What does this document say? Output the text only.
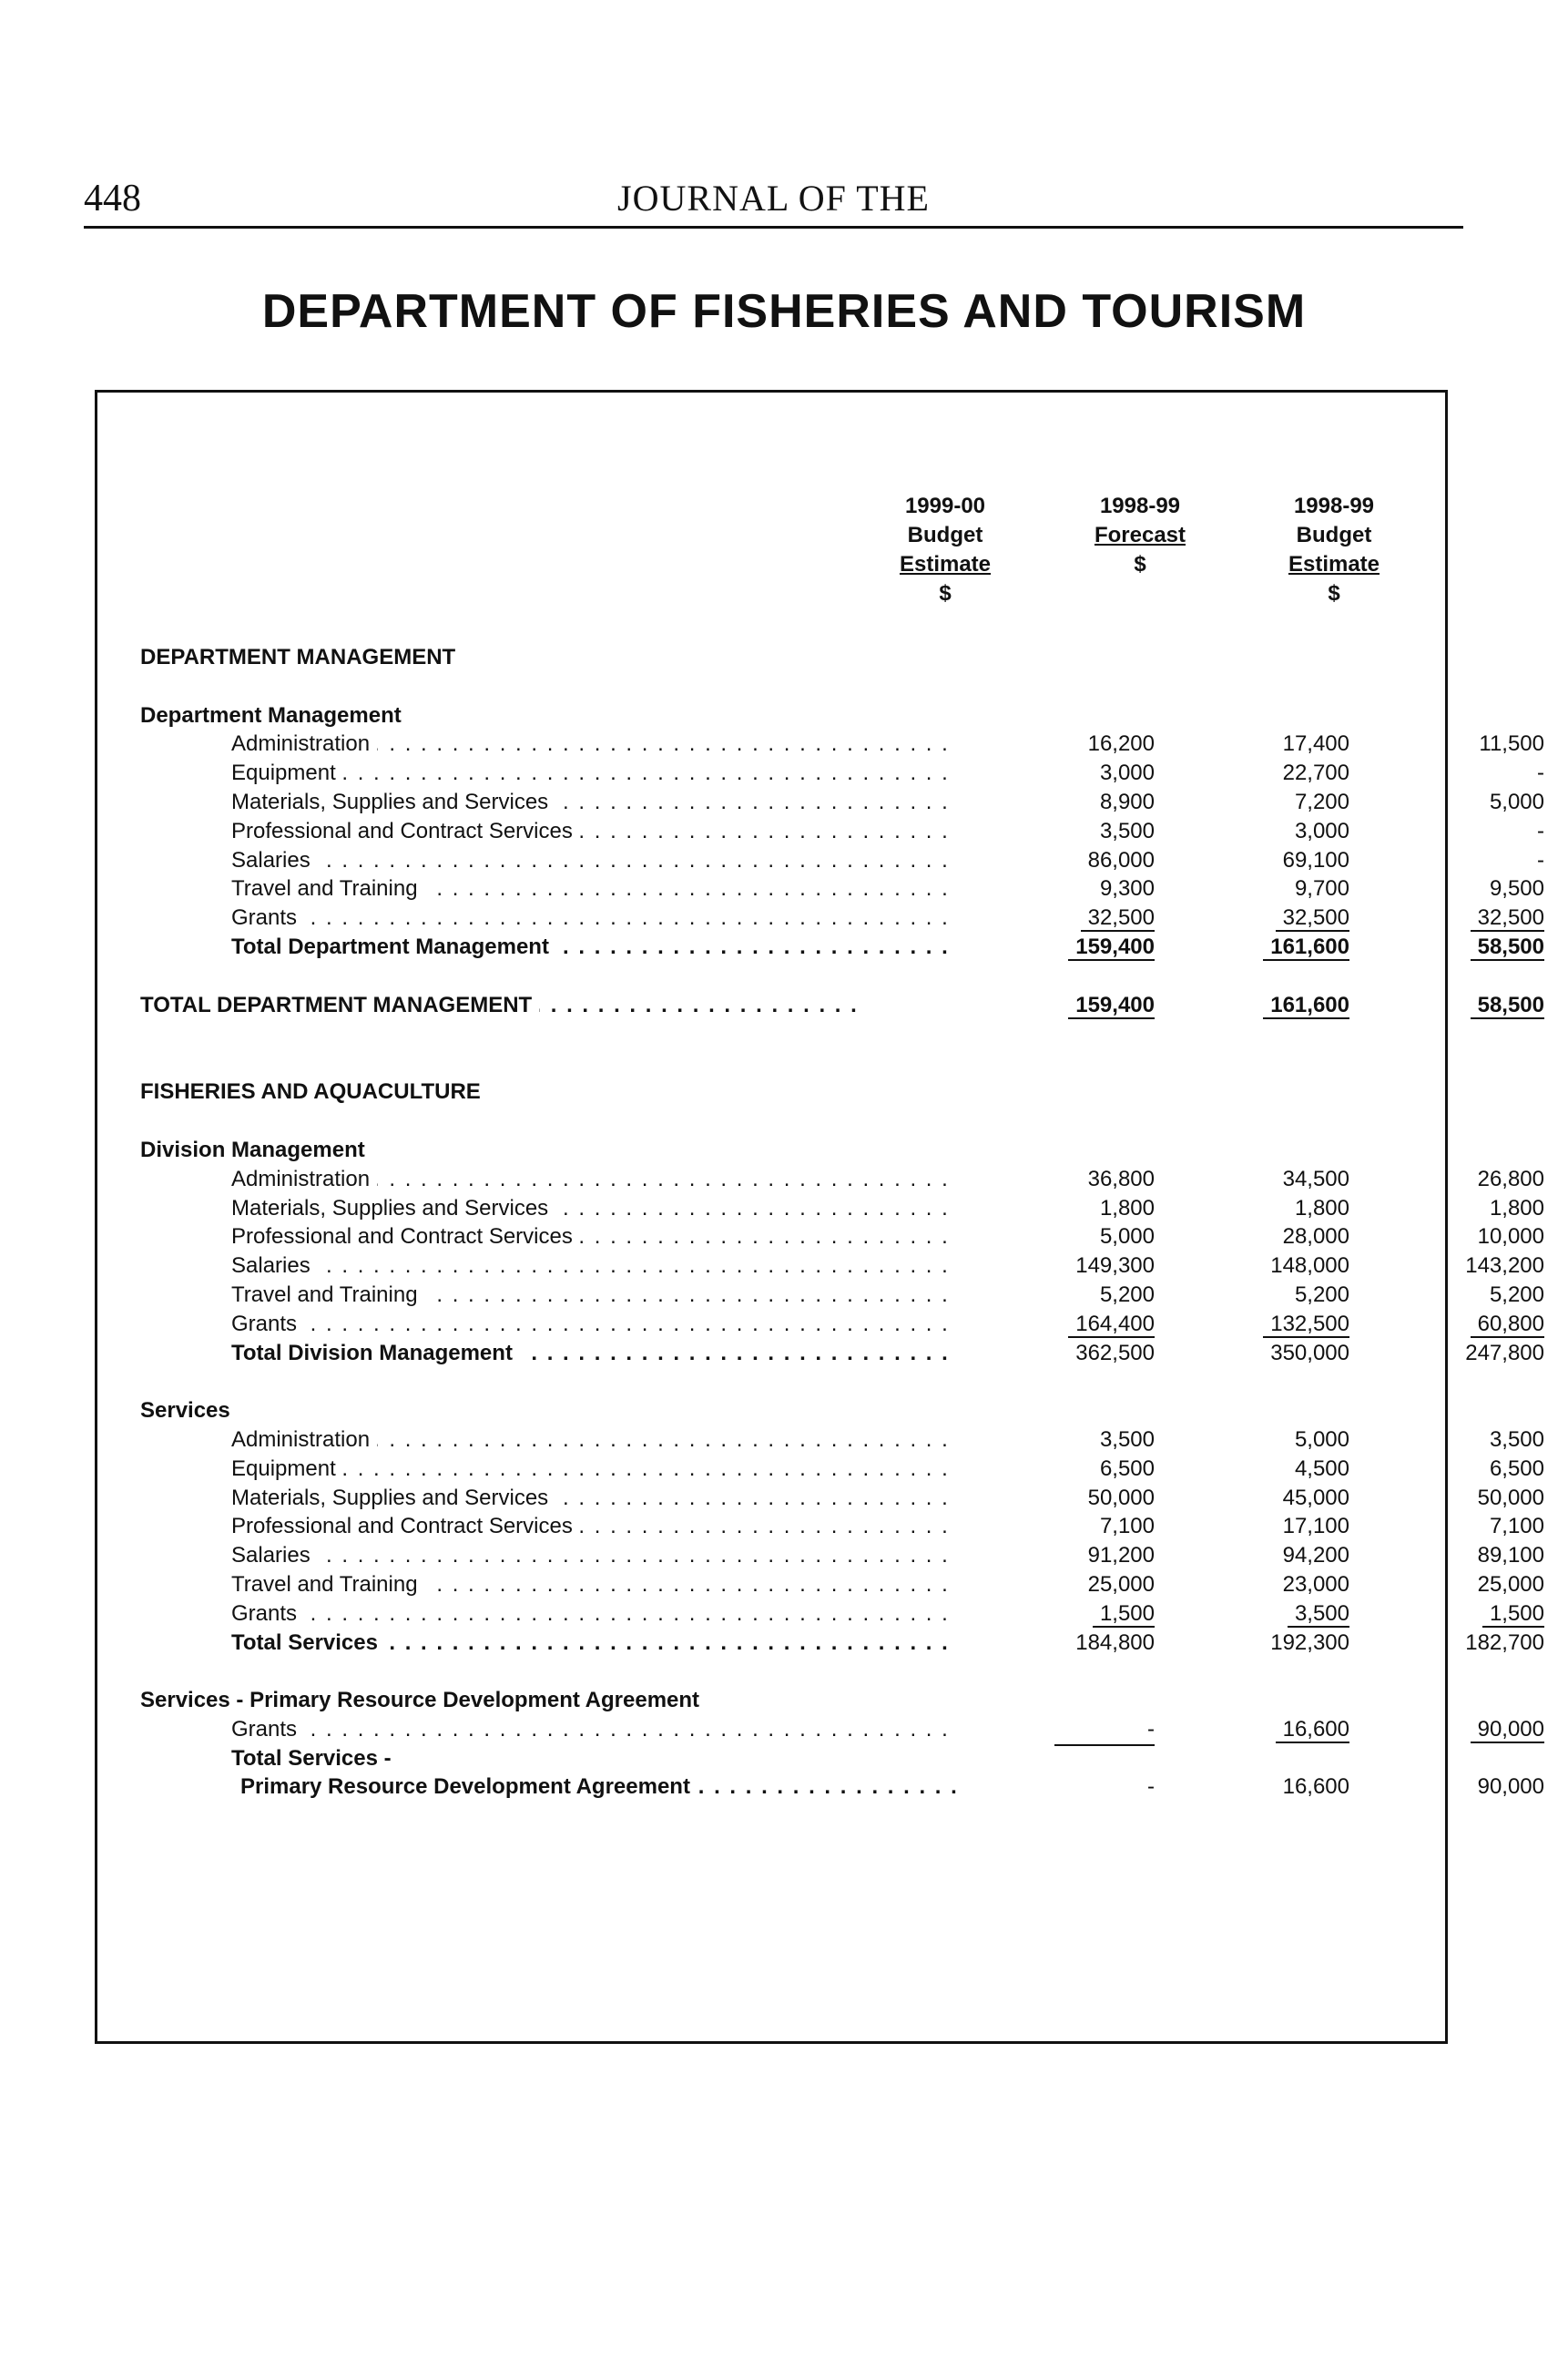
448	JOURNAL OF THE
DEPARTMENT OF FISHERIES AND TOURISM
1999-00
Budget
Estimate
$
1998-99
Forecast
$
1998-99
Budget
Estimate
$
DEPARTMENT MANAGEMENT
Department Management
Administration . . .	16,200	17,400	11,500
Equipment . . .	3,000	22,700	-
Materials, Supplies and Services . . .	8,900	7,200	5,000
Professional and Contract Services . . .	3,500	3,000	-
Salaries . . .	86,000	69,100	-
Travel and Training . . .	9,300	9,700	9,500
Grants . . .	32,500	32,500	32,500
Total Department Management . . .	159,400	161,600	58,500
TOTAL DEPARTMENT MANAGEMENT . . .	159,400	161,600	58,500
FISHERIES AND AQUACULTURE
Division Management
Administration . . .	36,800	34,500	26,800
Materials, Supplies and Services . . .	1,800	1,800	1,800
Professional and Contract Services . . .	5,000	28,000	10,000
Salaries . . .	149,300	148,000	143,200
Travel and Training . . .	5,200	5,200	5,200
Grants . . .	164,400	132,500	60,800
Total Division Management . . .	362,500	350,000	247,800
Services
Administration . . .	3,500	5,000	3,500
Equipment . . .	6,500	4,500	6,500
Materials, Supplies and Services . . .	50,000	45,000	50,000
Professional and Contract Services . . .	7,100	17,100	7,100
Salaries . . .	91,200	94,200	89,100
Travel and Training . . .	25,000	23,000	25,000
Grants . . .	1,500	3,500	1,500
Total Services . . .	184,800	192,300	182,700
Services - Primary Resource Development Agreement
Grants . . .	-	16,600	90,000
Total Services -
Primary Resource Development Agreement . . .	-	16,600	90,000
